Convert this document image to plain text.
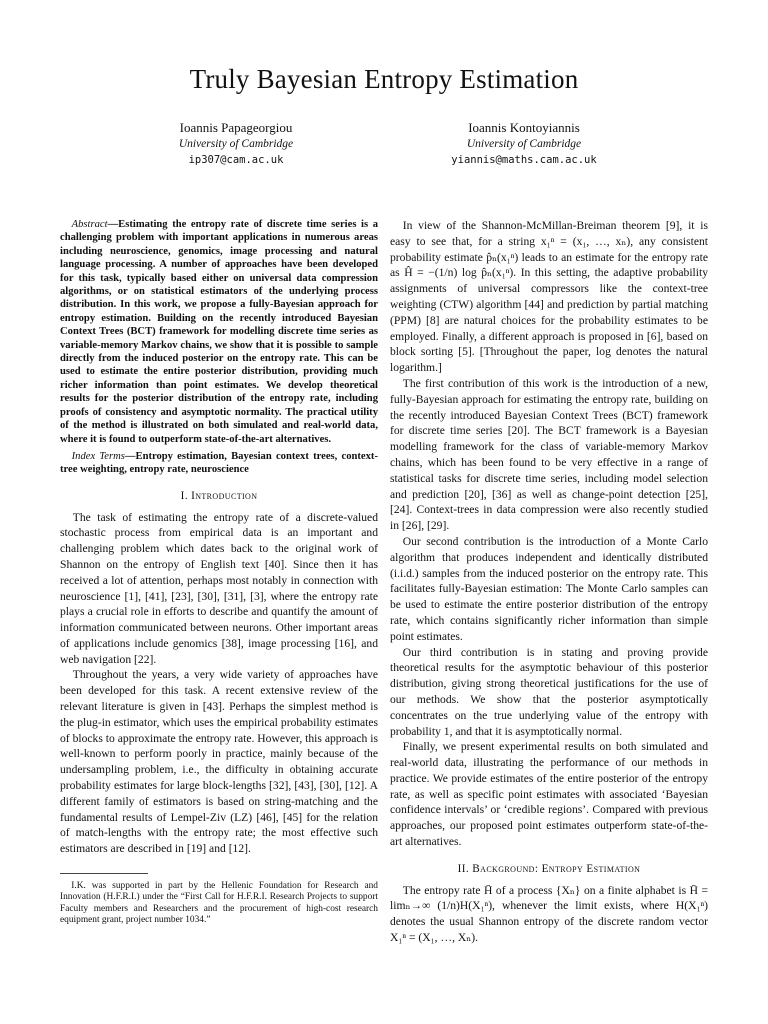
Truly Bayesian Entropy Estimation
Ioannis Papageorgiou
University of Cambridge
ip307@cam.ac.uk
Ioannis Kontoyiannis
University of Cambridge
yiannis@maths.cam.ac.uk

Abstract—Estimating the entropy rate of discrete time series is a challenging problem with important applications in numerous areas including neuroscience, genomics, image processing and natural language processing. A number of approaches have been developed for this task, typically based either on universal data compression algorithms, or on statistical estimators of the underlying process distribution. In this work, we propose a fully-Bayesian approach for entropy estimation. Building on the recently introduced Bayesian Context Trees (BCT) framework for modelling discrete time series as variable-memory Markov chains, we show that it is possible to sample directly from the induced posterior on the entropy rate. This can be used to estimate the entire posterior distribution, providing much richer information than point estimates. We develop theoretical results for the posterior distribution of the entropy rate, including proofs of consistency and asymptotic normality. The practical utility of the method is illustrated on both simulated and real-world data, where it is found to outperform state-of-the-art alternatives.

Index Terms—Entropy estimation, Bayesian context trees, context-tree weighting, entropy rate, neuroscience

I. Introduction

The task of estimating the entropy rate of a discrete-valued stochastic process from empirical data is an important and challenging problem which dates back to the original work of Shannon on the entropy of English text [40]. Since then it has received a lot of attention, perhaps most notably in connection with neuroscience [1], [41], [23], [30], [31], [3], where the entropy rate plays a crucial role in efforts to describe and quantify the amount of information communicated between neurons. Other important areas of applications include genomics [38], image processing [16], and web navigation [22].

Throughout the years, a very wide variety of approaches have been developed for this task. A recent extensive review of the relevant literature is given in [43]. Perhaps the simplest method is the plug-in estimator, which uses the empirical probability estimates of blocks to approximate the entropy rate. However, this approach is well-known to perform poorly in practice, mainly because of the undersampling problem, i.e., the difficulty in obtaining accurate probability estimates for large block-lengths [32], [43], [30], [12]. A different family of estimators is based on string-matching and the fundamental results of Lempel-Ziv (LZ) [46], [45] for the relation of match-lengths with the entropy rate; the most effective such estimators are described in [19] and [12].

I.K. was supported in part by the Hellenic Foundation for Research and Innovation (H.F.R.I.) under the “First Call for H.F.R.I. Research Projects to support Faculty members and Researchers and the procurement of high-cost research equipment grant, project number 1034.”

In view of the Shannon-McMillan-Breiman theorem [9], it is easy to see that, for a string x₁ⁿ = (x₁, …, xₙ), any consistent probability estimate p̂ₙ(x₁ⁿ) leads to an estimate for the entropy rate as Ĥ = −(1/n) log p̂ₙ(x₁ⁿ). In this setting, the adaptive probability assignments of universal compressors like the context-tree weighting (CTW) algorithm [44] and prediction by partial matching (PPM) [8] are natural choices for the probability estimates to be employed. Finally, a different approach is proposed in [6], based on block sorting [5]. [Throughout the paper, log denotes the natural logarithm.]

The first contribution of this work is the introduction of a new, fully-Bayesian approach for estimating the entropy rate, building on the recently introduced Bayesian Context Trees (BCT) framework for discrete time series [20]. The BCT framework is a Bayesian modelling framework for the class of variable-memory Markov chains, which has been found to be very effective in a range of statistical tasks for discrete time series, including model selection and prediction [20], [36] as well as change-point detection [25], [24]. Context-trees in data compression were also recently studied in [26], [29].

Our second contribution is the introduction of a Monte Carlo algorithm that produces independent and identically distributed (i.i.d.) samples from the induced posterior on the entropy rate. This facilitates fully-Bayesian estimation: The Monte Carlo samples can be used to estimate the entire posterior distribution of the entropy rate, which contains significantly richer information than simple point estimates.

Our third contribution is in stating and proving provide theoretical results for the asymptotic behaviour of this posterior distribution, giving strong theoretical justifications for the use of our methods. We show that the posterior asymptotically concentrates on the true underlying value of the entropy with probability 1, and that it is asymptotically normal.

Finally, we present experimental results on both simulated and real-world data, illustrating the performance of our methods in practice. We provide estimates of the entire posterior of the entropy rate, as well as specific point estimates with associated ‘Bayesian confidence intervals’ or ‘credible regions’. Compared with previous approaches, our proposed point estimates outperform state-of-the-art alternatives.

II. Background: Entropy Estimation

The entropy rate H̄ of a process {Xₙ} on a finite alphabet is H̄ = limₙ→∞ (1/n)H(X₁ⁿ), whenever the limit exists, where H(X₁ⁿ) denotes the usual Shannon entropy of the discrete random vector X₁ⁿ = (X₁, …, Xₙ).
